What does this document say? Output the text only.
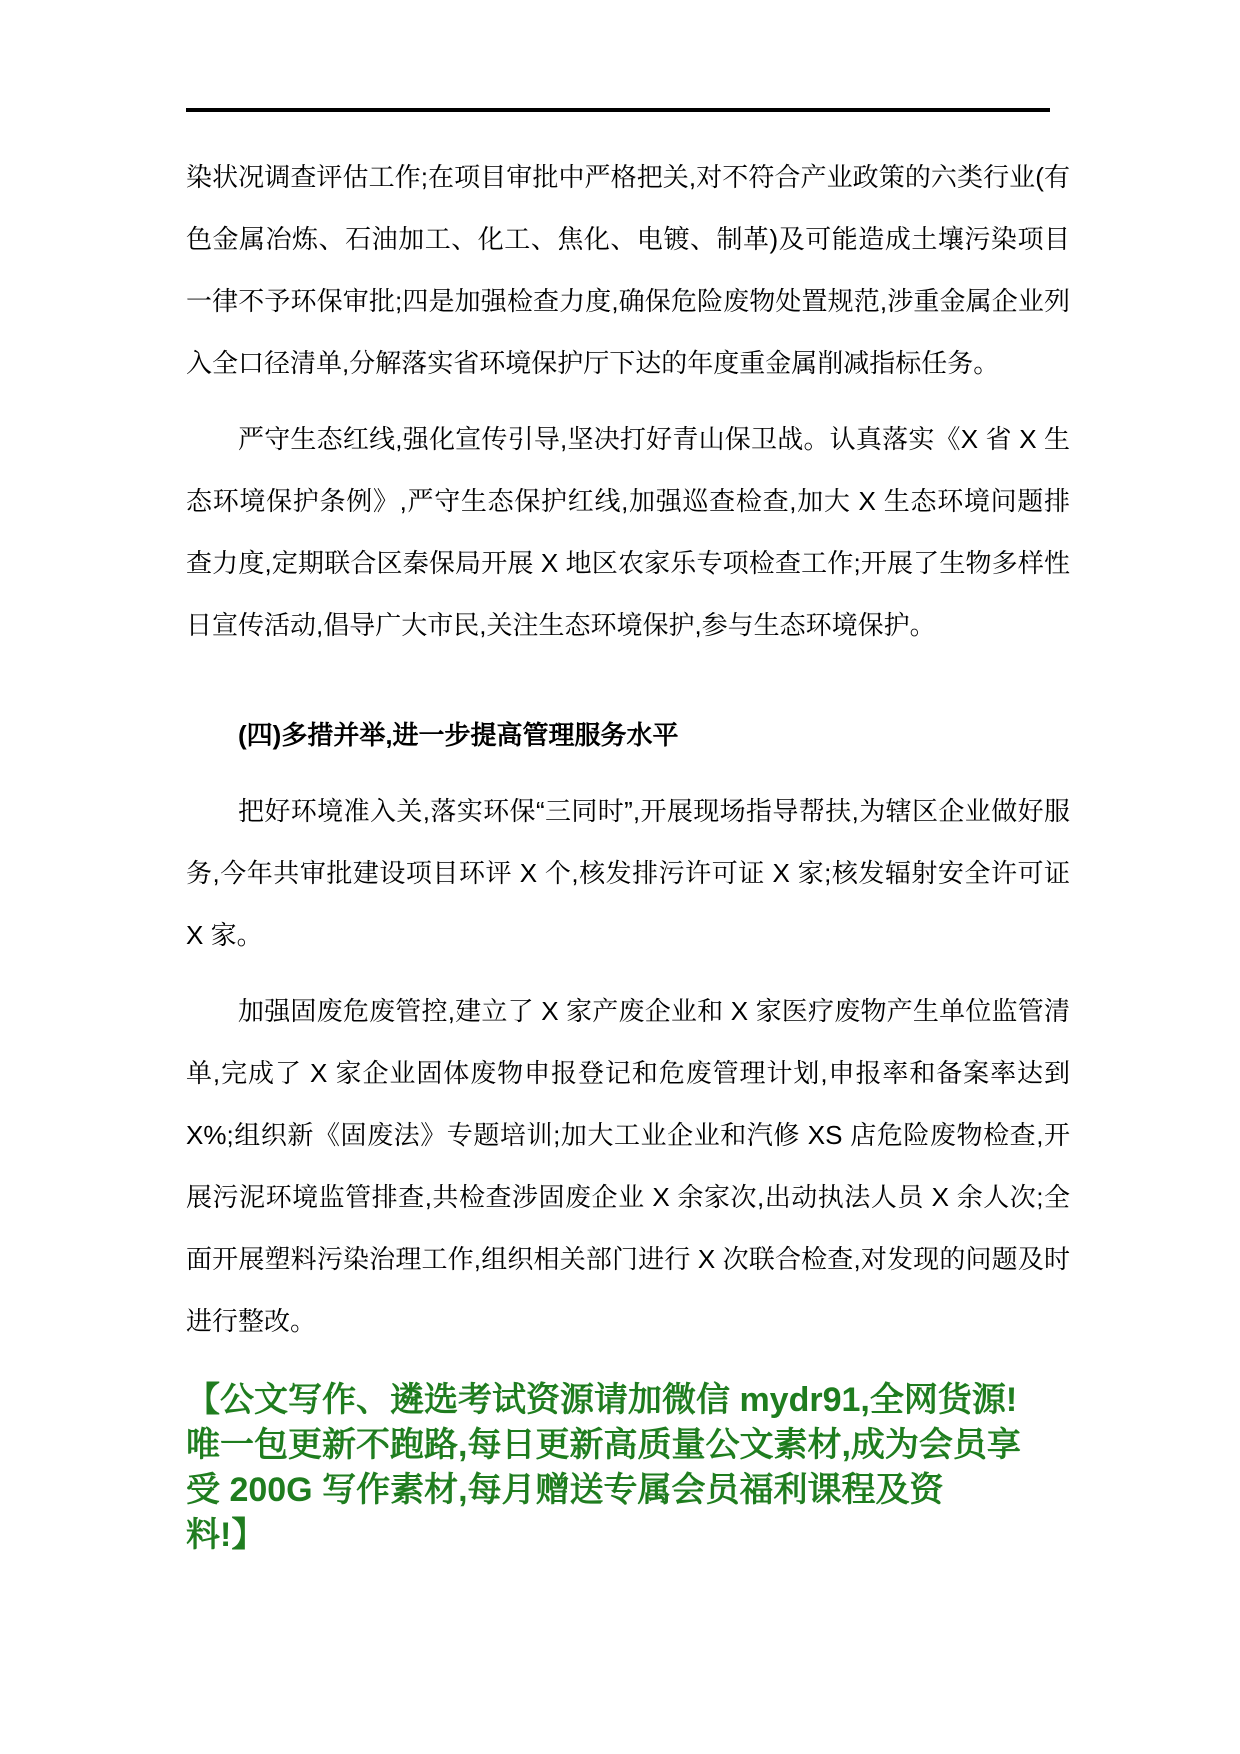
染状况调查评估工作;在项目审批中严格把关,对不符合产业政策的六类行业(有色金属冶炼、石油加工、化工、焦化、电镀、制革)及可能造成土壤污染项目一律不予环保审批;四是加强检查力度,确保危险废物处置规范,涉重金属企业列入全口径清单,分解落实省环境保护厅下达的年度重金属削减指标任务。

严守生态红线,强化宣传引导,坚决打好青山保卫战。认真落实《X 省 X 生态环境保护条例》,严守生态保护红线,加强巡查检查,加大 X 生态环境问题排查力度,定期联合区秦保局开展 X 地区农家乐专项检查工作;开展了生物多样性日宣传活动,倡导广大市民,关注生态环境保护,参与生态环境保护。

(四)多措并举,进一步提高管理服务水平

把好环境准入关,落实环保“三同时”,开展现场指导帮扶,为辖区企业做好服务,今年共审批建设项目环评 X 个,核发排污许可证 X 家;核发辐射安全许可证 X 家。

加强固废危废管控,建立了 X 家产废企业和 X 家医疗废物产生单位监管清单,完成了 X 家企业固体废物申报登记和危废管理计划,申报率和备案率达到 X%;组织新《固废法》专题培训;加大工业企业和汽修 XS 店危险废物检查,开展污泥环境监管排查,共检查涉固废企业 X 余家次,出动执法人员 X 余人次;全面开展塑料污染治理工作,组织相关部门进行 X 次联合检查,对发现的问题及时进行整改。

【公文写作、遴选考试资源请加微信 mydr91,全网货源!
唯一包更新不跑路,每日更新高质量公文素材,成为会员享
受 200G 写作素材,每月赠送专属会员福利课程及资
料!】
